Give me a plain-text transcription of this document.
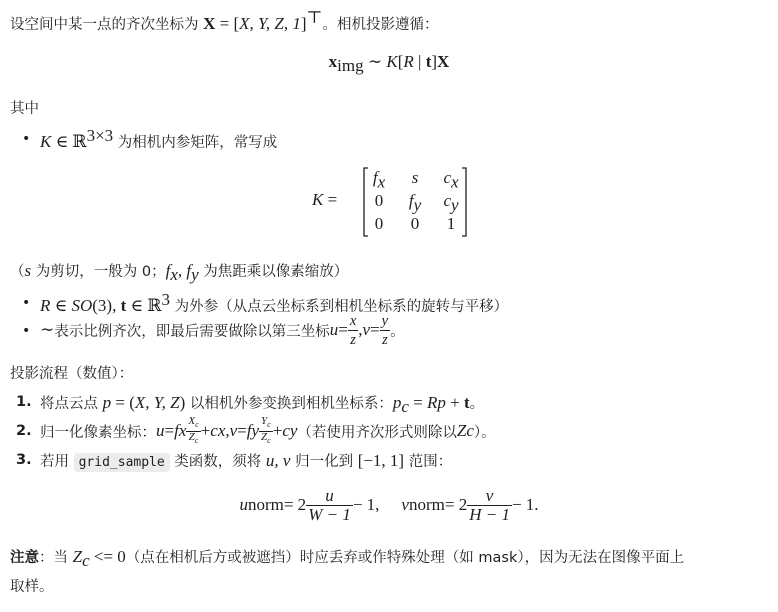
设空间中某一点的齐次坐标为 X = [X, Y, Z, 1]⊤。相机投影遵循：
$x_{img}$ ∼ K[R | t]X
其中
• K ∈ ℝ$^{3\times 3}$ 为相机内参矩阵，常写成
K =
$f_x$	s	$c_x$
0	$f_y$	$c_y$
0	0	1
（s 为剪切，一般为 0；$f_x$, $f_y$ 为焦距乘以像素缩放）
• R ∈ SO(3), t ∈ ℝ$^3$ 为外参（从点云坐标系到相机坐标系的旋转与平移）
• ∼ 表示比例齐次，即最后需要做除以第三坐标 $u = \frac{x}{z}$ , $v = \frac{y}{z}$ 。
投影流程（数值）：
1. 将点云点 p = (X, Y, Z) 以相机外参变换到相机坐标系：$p_c = Rp + t$。
2. 归一化像素坐标： u = f x $\frac{X_c}{Z_c} + c$ x , v = f y $\frac{Y_c}{Z_c} + c$ y （若使用齐次形式则除以 Z c ）。
3. 若用 grid_sample 类函数，须将 u, v 归一化到 [−1, 1] 范围：
u norm = $2 \frac{u}{W - 1} - 1$, v norm = $2 \frac{v}{H - 1} - 1$.
注意：当 $Z_c <= 0$（点在相机后方或被遮挡）时应丢弃或作特殊处理（如 mask），因为无法在图像平面上
取样。
